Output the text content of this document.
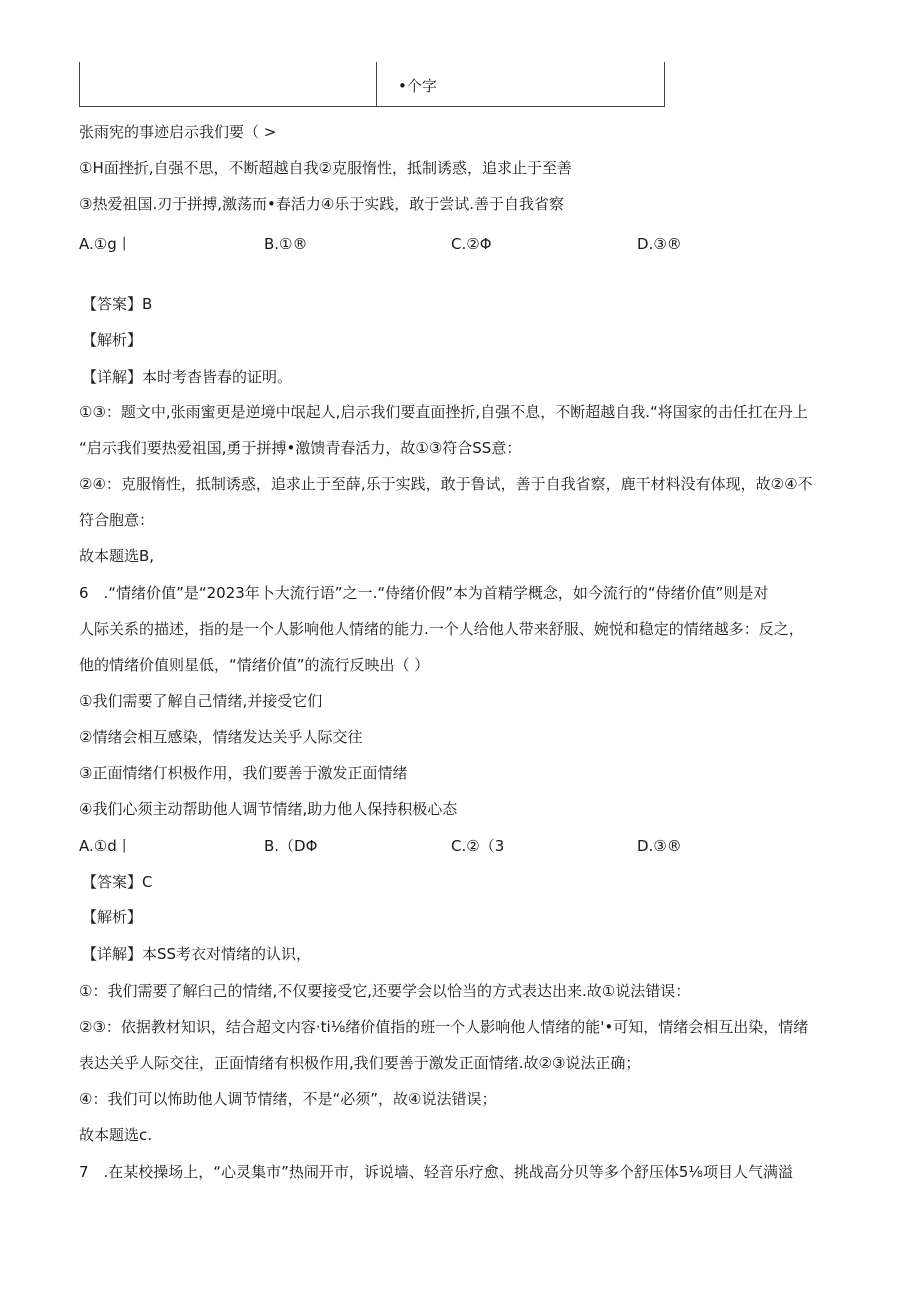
•个字
张雨宪的事迹启示我们要（ >
①H面挫折,自强不思，不断超越自我②克服惰性，抵制诱惑，追求止于至善
③热爱祖国.刃于拼搏,激荡而•春活力④乐于实践，敢于尝试.善于自我省察
A.①g丨	B.①®	C.②Φ	D.③®
【答案】B
【解析】
【详解】本时考杳皆春的证明。
①③：题文中,张雨蜜更是逆境中氓起人,启示我们要直面挫折,自强不息，不断超越自我.“将国家的击任扛在丹上
“启示我们要热爱祖国,勇于拼搏•激馈青春活力，故①③符合SS意：
②④：克服惰性，抵制诱惑，追求止于至薛,乐于实践，敢于鲁试，善于自我省察，鹿干材料没有体现，故②④不
符合胞意：
故本题选B,
6　.“情绪价值”是“2023年卜大流行语”之一.“侍绪价假”本为首精学概念，如今流行的“侍绪价值”则是对
人际关系的描述，指的是一个人影响他人情绪的能力.一个人给他人带来舒服、婉悦和稳定的情绪越多：反之，
他的情绪价值则星低，“情绪价值”的流行反映出（ ）
①我们需要了解自己情绪,并接受它们
②情绪会相互感染，情绪发达关乎人际交往
③正面情绪仃枳极作用，我们要善于激发正面情绪
④我们心须主动帮助他人调节情绪,助力他人保持积极心态
A.①d丨	B.（DΦ	C.②（3	D.③®
【答案】C
【解析】
【详解】本SS考衣对情绪的认识，
①：我们需要了解臼己的情绪,不仅要接受它,还要学会以恰当的方式表达出来.故①说法错误：
②③：依据教材知识，结合超文内容·ti⅛绪价值指的班一个人影响他人情绪的能'•可知，情绪会相互出染，情绪
表达关乎人际交往，正面情绪有枳极作用,我们要善于激发正面情绪.故②③说法正确；
④：我们可以怖助他人调节情绪，不是“必须”，故④说法错误；
故本题选c.
7　.在某校操场上，“心灵集市”热闹开市，诉说墙、轻音乐疗愈、挑战高分贝等多个舒压体5⅛项目人气满溢
